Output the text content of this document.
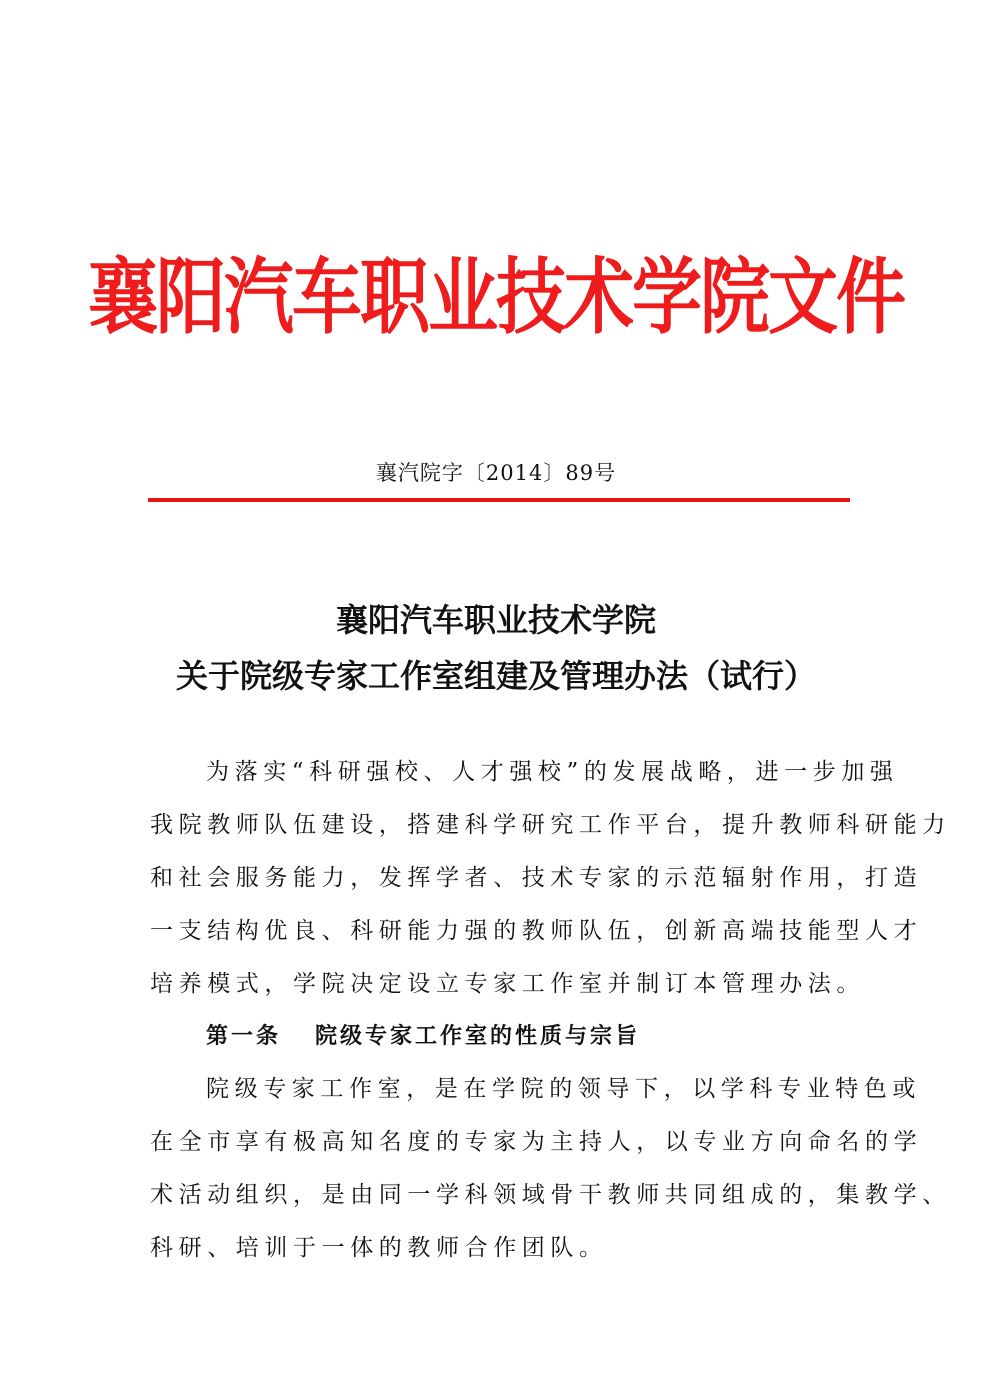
襄阳汽车职业技术学院文件
襄汽院字〔2014〕89号
襄阳汽车职业技术学院
关于院级专家工作室组建及管理办法（试行）
为落实“科研强校、人才强校”的发展战略，进一步加强
我院教师队伍建设，搭建科学研究工作平台，提升教师科研能力
和社会服务能力，发挥学者、技术专家的示范辐射作用，打造
一支结构优良、科研能力强的教师队伍，创新高端技能型人才
培养模式，学院决定设立专家工作室并制订本管理办法。
第一条 院级专家工作室的性质与宗旨
院级专家工作室，是在学院的领导下，以学科专业特色或
在全市享有极高知名度的专家为主持人，以专业方向命名的学
术活动组织，是由同一学科领域骨干教师共同组成的，集教学、
科研、培训于一体的教师合作团队。
